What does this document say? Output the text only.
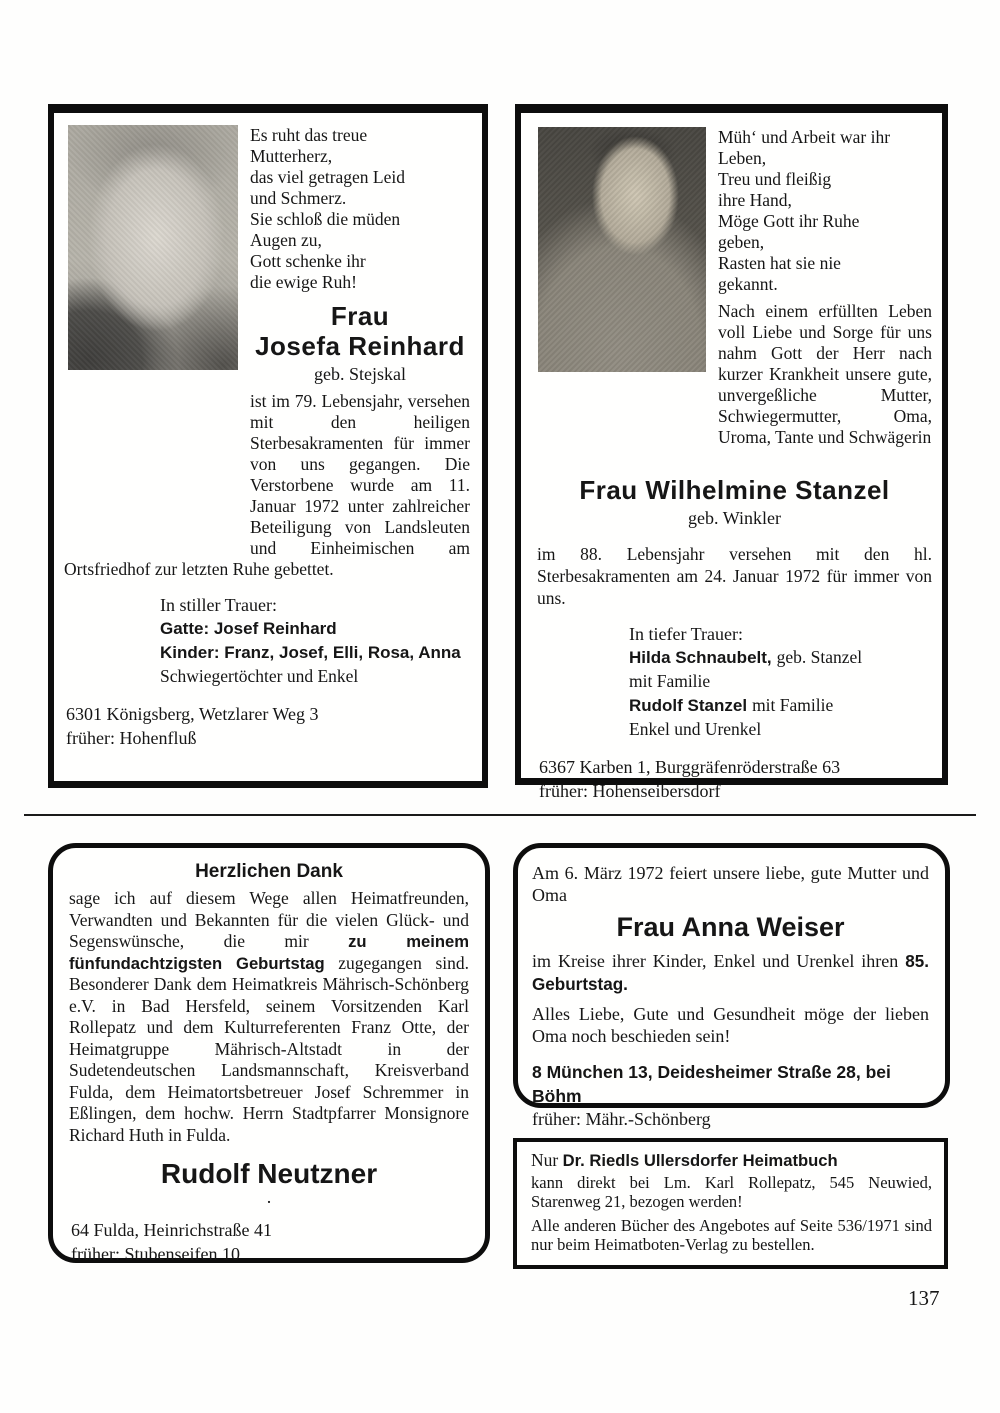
Es ruht das treue
Mutterherz,
das viel getragen Leid
und Schmerz.
Sie schloß die müden
Augen zu,
Gott schenke ihr
die ewige Ruh!
Frau
Josefa Reinhard
geb. Stejskal

ist im 79. Lebensjahr, versehen mit den heiligen Sterbesakramenten für immer von uns gegangen. Die Verstorbene wurde am 11. Januar 1972 unter zahlreicher Beteiligung von Landsleuten und Einheimischen am Ortsfriedhof zur letzten Ruhe gebettet.

In stiller Trauer:
Gatte: Josef Reinhard
Kinder: Franz, Josef, Elli, Rosa, Anna
Schwiegertöchter und Enkel
6301 Königsberg, Wetzlarer Weg 3
früher: Hohenfluß
Müh‘ und Arbeit war ihr
Leben,
Treu und fleißig
ihre Hand,
Möge Gott ihr Ruhe
geben,
Rasten hat sie nie
gekannt.

Nach einem erfüllten Leben voll Liebe und Sorge für uns nahm Gott der Herr nach kurzer Krankheit unsere gute, unvergeßliche Mutter, Schwiegermutter, Oma, Uroma, Tante und Schwägerin

Frau Wilhelmine Stanzel
geb. Winkler

im 88. Lebensjahr versehen mit den hl. Sterbesakramenten am 24. Januar 1972 für immer von uns.

In tiefer Trauer:
Hilda Schnaubelt, geb. Stanzel
mit Familie
Rudolf Stanzel mit Familie
Enkel und Urenkel
6367 Karben 1, Burggräfenröderstraße 63
früher: Hohenseibersdorf
Herzlichen Dank

sage ich auf diesem Wege allen Heimatfreunden, Verwandten und Bekannten für die vielen Glück- und Segenswünsche, die mir zu meinem fünfundachtzigsten Geburtstag zugegangen sind. Besonderer Dank dem Heimatkreis Mährisch-Schönberg e.V. in Bad Hersfeld, seinem Vorsitzenden Karl Rollepatz und dem Kulturreferenten Franz Otte, der Heimatgruppe Mährisch-Altstadt in der Sudetendeutschen Landsmannschaft, Kreisverband Fulda, dem Heimatortsbetreuer Josef Schremmer in Eßlingen, dem hochw. Herrn Stadtpfarrer Monsignore Richard Huth in Fulda.

Rudolf Neutzner
.
64 Fulda, Heinrichstraße 41
früher: Stubenseifen 10

Am 6. März 1972 feiert unsere liebe, gute Mutter und Oma

Frau Anna Weiser

im Kreise ihrer Kinder, Enkel und Urenkel ihren 85. Geburtstag.

Alles Liebe, Gute und Gesundheit möge der lieben Oma noch beschieden sein!

8 München 13, Deidesheimer Straße 28, bei Böhm
früher: Mähr.-Schönberg
Nur Dr. Riedls Ullersdorfer Heimatbuch

kann direkt bei Lm. Karl Rollepatz, 545 Neuwied, Starenweg 21, bezogen werden!

Alle anderen Bücher des Angebotes auf Seite 536/1971 sind nur beim Heimatboten-Verlag zu bestellen.

137
